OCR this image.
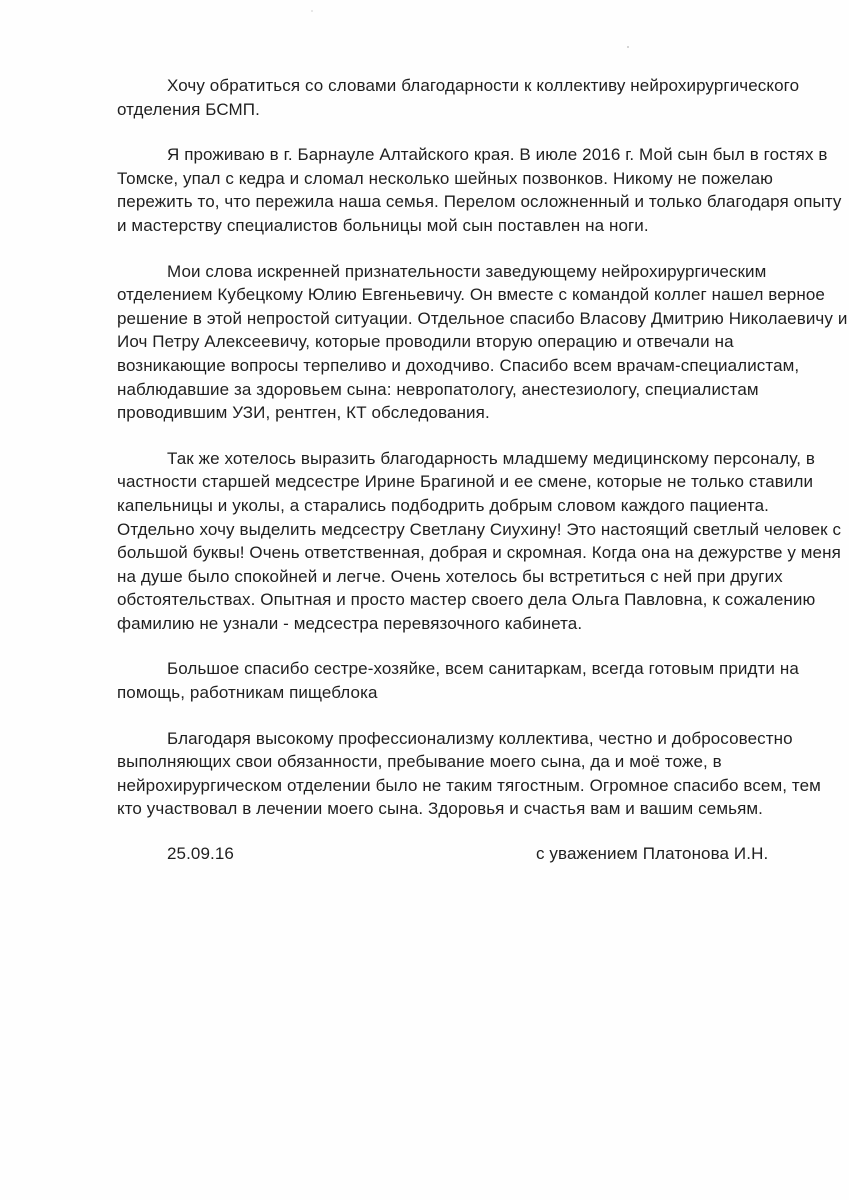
Хочу обратиться со словами благодарности к коллективу нейрохирургического
отделения БСМП.
Я проживаю в г. Барнауле Алтайского края. В июле 2016 г. Мой сын был в гостях в
Томске, упал с кедра и сломал несколько шейных позвонков. Никому не пожелаю
пережить то, что пережила наша семья. Перелом осложненный и только благодаря опыту
и мастерству специалистов больницы мой сын поставлен на ноги.
Мои слова искренней признательности заведующему нейрохирургическим
отделением Кубецкому Юлию Евгеньевичу. Он вместе с командой коллег нашел верное
решение в этой непростой ситуации. Отдельное спасибо Власову Дмитрию Николаевичу и
Иоч Петру Алексеевичу, которые проводили вторую операцию и отвечали на
возникающие вопросы терпеливо и доходчиво. Спасибо всем врачам-специалистам,
наблюдавшие за здоровьем сына: невропатологу, анестезиологу, специалистам
проводившим УЗИ, рентген, КТ обследования.
Так же хотелось выразить благодарность младшему медицинскому персоналу, в
частности старшей медсестре Ирине Брагиной и ее смене, которые не только ставили
капельницы и уколы, а старались подбодрить добрым словом каждого пациента.
Отдельно хочу выделить медсестру Светлану Сиухину! Это настоящий светлый человек с
большой буквы! Очень ответственная, добрая и скромная. Когда она на дежурстве у меня
на душе было спокойней и легче. Очень хотелось бы встретиться с ней при других
обстоятельствах. Опытная и просто мастер своего дела Ольга Павловна, к сожалению
фамилию не узнали - медсестра перевязочного кабинета.
Большое спасибо сестре-хозяйке, всем санитаркам, всегда готовым придти на
помощь, работникам пищеблока
Благодаря высокому профессионализму коллектива, честно и добросовестно
выполняющих свои обязанности, пребывание моего сына, да и моё тоже, в
нейрохирургическом отделении было не таким тягостным. Огромное спасибо всем, тем
кто участвовал в лечении моего сына. Здоровья и счастья вам и вашим семьям.
25.09.16	с уважением Платонова И.Н.
